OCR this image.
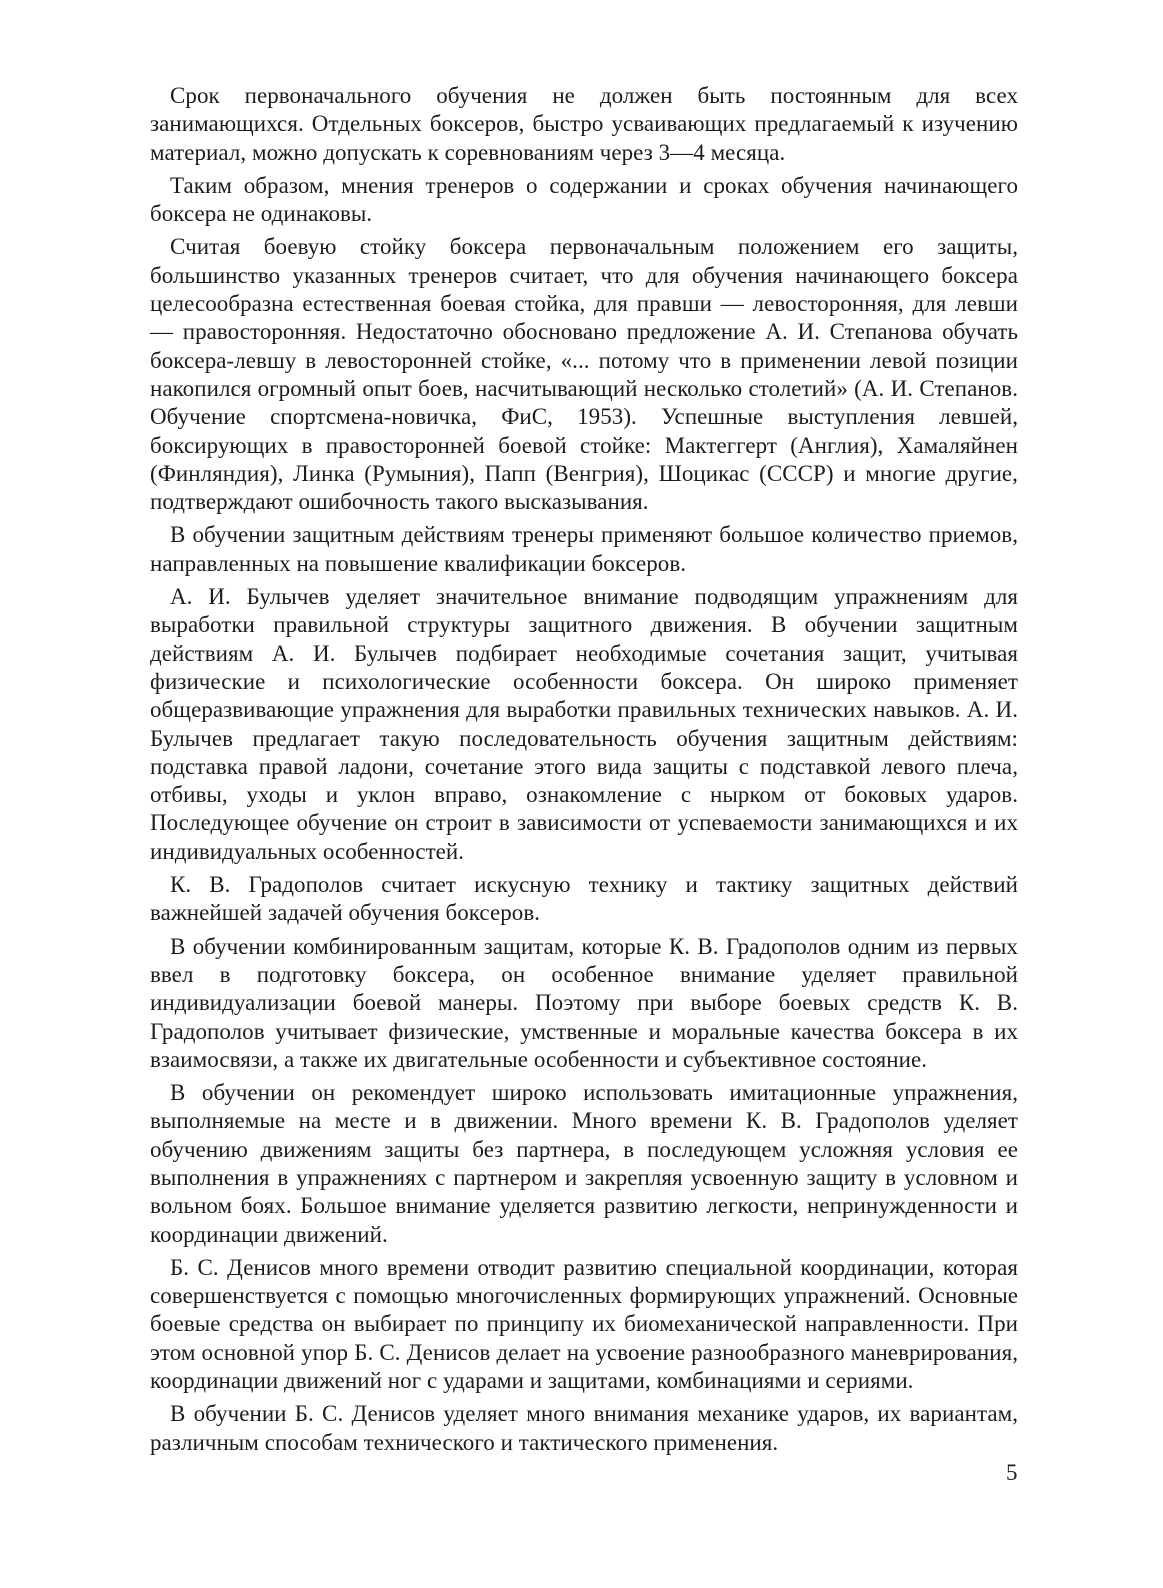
Срок первоначального обучения не должен быть постоянным для всех занимающихся. Отдельных боксеров, быстро усваивающих предлагаемый к изучению материал, можно допускать к соревнованиям через 3—4 месяца.

Таким образом, мнения тренеров о содержании и сроках обучения начинающего боксера не одинаковы.

Считая боевую стойку боксера первоначальным положением его защиты, большинство указанных тренеров считает, что для обучения начинающего боксера целесообразна естественная боевая стойка, для правши — левосторонняя, для левши — правосторонняя. Недостаточно обосновано предложение А. И. Степанова обучать боксера-левшу в левосторонней стойке, «... потому что в применении левой позиции накопился огромный опыт боев, насчитывающий несколько столетий» (А. И. Степанов. Обучение спортсмена-новичка, ФиС, 1953). Успешные выступления левшей, боксирующих в правосторонней боевой стойке: Мактеггерт (Англия), Хамаляйнен (Финляндия), Линка (Румыния), Папп (Венгрия), Шоцикас (СССР) и многие другие, подтверждают ошибочность такого высказывания.

В обучении защитным действиям тренеры применяют большое количество приемов, направленных на повышение квалификации боксеров.

А. И. Булычев уделяет значительное внимание подводящим упражнениям для выработки правильной структуры защитного движения. В обучении защитным действиям А. И. Булычев подбирает необходимые сочетания защит, учитывая физические и психологические особенности боксера. Он широко применяет общеразвивающие упражнения для выработки правильных технических навыков. А. И. Булычев предлагает такую последовательность обучения защитным действиям: подставка правой ладони, сочетание этого вида защиты с подставкой левого плеча, отбивы, уходы и уклон вправо, ознакомление с нырком от боковых ударов. Последующее обучение он строит в зависимости от успеваемости занимающихся и их индивидуальных особенностей.

К. В. Градополов считает искусную технику и тактику защитных действий важнейшей задачей обучения боксеров.

В обучении комбинированным защитам, которые К. В. Градополов одним из первых ввел в подготовку боксера, он особенное внимание уделяет правильной индивидуализации боевой манеры. Поэтому при выборе боевых средств К. В. Градополов учитывает физические, умственные и моральные качества боксера в их взаимосвязи, а также их двигательные особенности и субъективное состояние.

В обучении он рекомендует широко использовать имитационные упражнения, выполняемые на месте и в движении. Много времени К. В. Градополов уделяет обучению движениям защиты без партнера, в последующем усложняя условия ее выполнения в упражнениях с партнером и закрепляя усвоенную защиту в условном и вольном боях. Большое внимание уделяется развитию легкости, непринужденности и координации движений.

Б. С. Денисов много времени отводит развитию специальной координации, которая совершенствуется с помощью многочисленных формирующих упражнений. Основные боевые средства он выбирает по принципу их биомеханической направленности. При этом основной упор Б. С. Денисов делает на усвоение разнообразного маневрирования, координации движений ног с ударами и защитами, комбинациями и сериями.

В обучении Б. С. Денисов уделяет много внимания механике ударов, их вариантам, различным способам технического и тактического применения.

5
